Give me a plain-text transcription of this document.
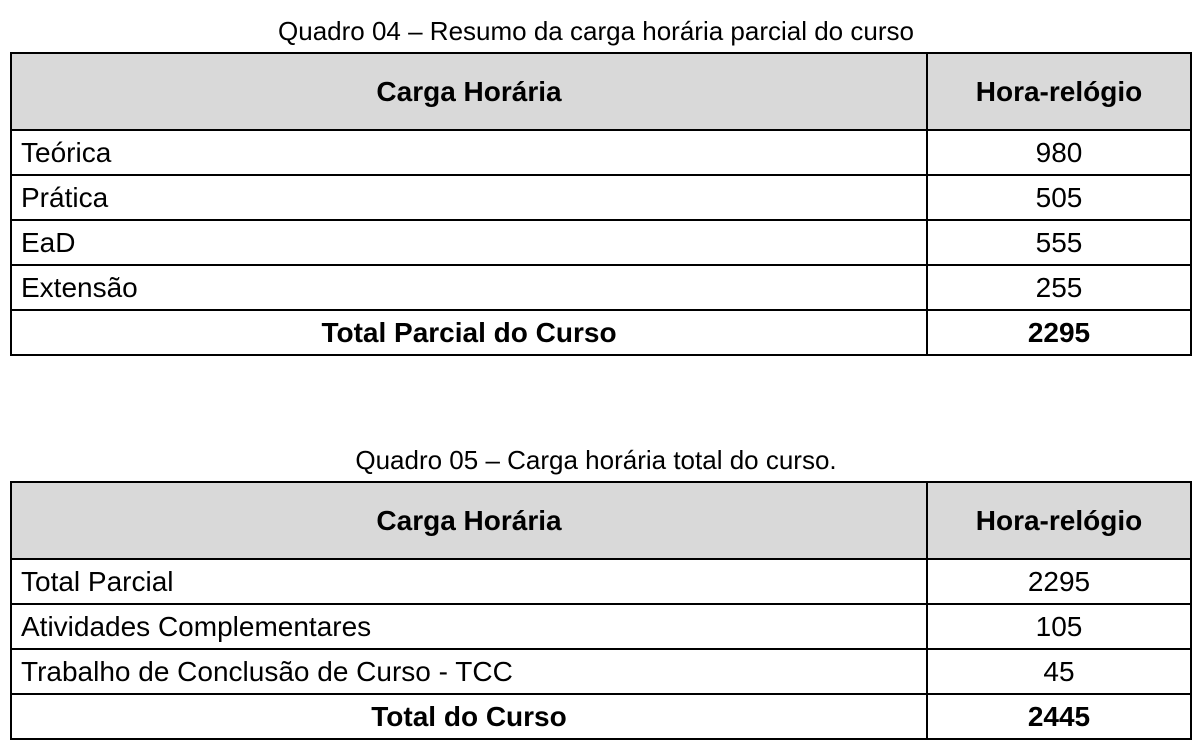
Quadro 04 – Resumo da carga horária parcial do curso
Carga Horária	Hora-relógio
Teórica	980
Prática	505
EaD	555
Extensão	255
Total Parcial do Curso	2295
Quadro 05 – Carga horária total do curso.
Carga Horária	Hora-relógio
Total Parcial	2295
Atividades Complementares	105
Trabalho de Conclusão de Curso - TCC	45
Total do Curso	2445
